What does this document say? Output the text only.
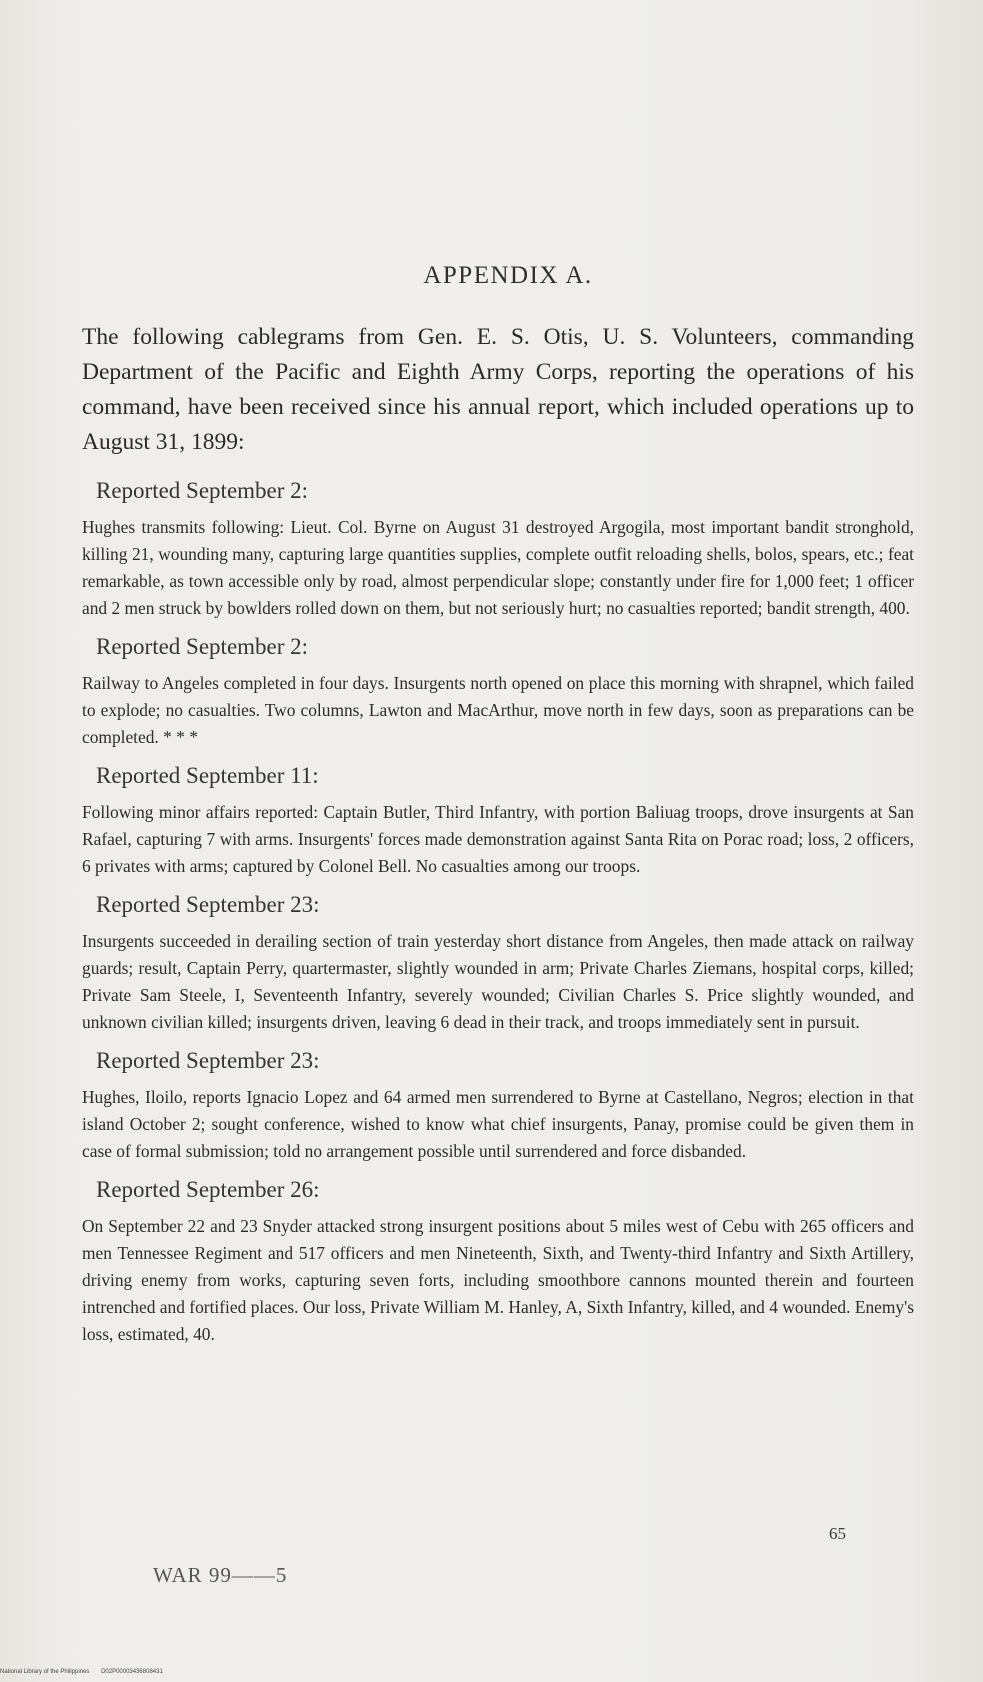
APPENDIX A.

The following cablegrams from Gen. E. S. Otis, U. S. Volunteers, commanding Department of the Pacific and Eighth Army Corps, reporting the operations of his command, have been received since his annual report, which included operations up to August 31, 1899:

Reported September 2:

Hughes transmits following: Lieut. Col. Byrne on August 31 destroyed Argogila, most important bandit stronghold, killing 21, wounding many, capturing large quantities supplies, complete outfit reloading shells, bolos, spears, etc.; feat remarkable, as town accessible only by road, almost perpendicular slope; constantly under fire for 1,000 feet; 1 officer and 2 men struck by bowlders rolled down on them, but not seriously hurt; no casualties reported; bandit strength, 400.

Reported September 2:

Railway to Angeles completed in four days. Insurgents north opened on place this morning with shrapnel, which failed to explode; no casualties. Two columns, Lawton and MacArthur, move north in few days, soon as preparations can be completed. * * *

Reported September 11:

Following minor affairs reported: Captain Butler, Third Infantry, with portion Baliuag troops, drove insurgents at San Rafael, capturing 7 with arms. Insurgents' forces made demonstration against Santa Rita on Porac road; loss, 2 officers, 6 privates with arms; captured by Colonel Bell. No casualties among our troops.

Reported September 23:

Insurgents succeeded in derailing section of train yesterday short distance from Angeles, then made attack on railway guards; result, Captain Perry, quartermaster, slightly wounded in arm; Private Charles Ziemans, hospital corps, killed; Private Sam Steele, I, Seventeenth Infantry, severely wounded; Civilian Charles S. Price slightly wounded, and unknown civilian killed; insurgents driven, leaving 6 dead in their track, and troops immediately sent in pursuit.

Reported September 23:

Hughes, Iloilo, reports Ignacio Lopez and 64 armed men surrendered to Byrne at Castellano, Negros; election in that island October 2; sought conference, wished to know what chief insurgents, Panay, promise could be given them in case of formal submission; told no arrangement possible until surrendered and force disbanded.

Reported September 26:

On September 22 and 23 Snyder attacked strong insurgent positions about 5 miles west of Cebu with 265 officers and men Tennessee Regiment and 517 officers and men Nineteenth, Sixth, and Twenty-third Infantry and Sixth Artillery, driving enemy from works, capturing seven forts, including smoothbore cannons mounted therein and fourteen intrenched and fortified places. Our loss, Private William M. Hanley, A, Sixth Infantry, killed, and 4 wounded. Enemy's loss, estimated, 40.

65
WAR 99——5
National Library of the Philippines D02P00003436808431
